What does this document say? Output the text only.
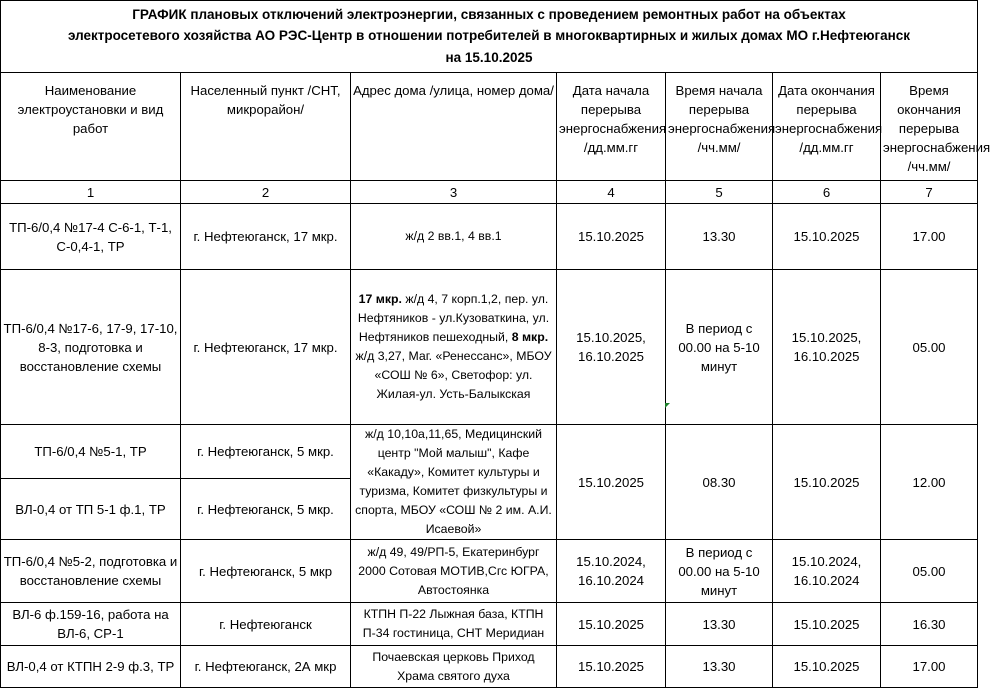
ГРАФИК плановых отключений электроэнергии, связанных с проведением ремонтных работ на объектах
электросетевого хозяйства АО РЭС-Центр в отношении потребителей в многоквартирных и жилых домах МО г.Нефтеюганск
на 15.10.2025
Наименование электроустановки и вид работ	Населенный пункт /СНТ, микрорайон/	Адрес дома /улица, номер дома/	Дата начала перерыва энергоснабжения /дд.мм.гг	Время начала перерыва энергоснабжения /чч.мм/	Дата окончания перерыва энергоснабжения /дд.мм.гг	Время окончания перерыва энергоснабжения /чч.мм/
1	2	3	4	5	6	7
ТП-6/0,4 №17-4 С-6-1, Т-1, С-0,4-1, ТР	г. Нефтеюганск, 17 мкр.	ж/д 2 вв.1, 4 вв.1	15.10.2025	13.30	15.10.2025	17.00
ТП-6/0,4 №17-6, 17-9, 17-10, 8-3, подготовка и восстановление схемы	г. Нефтеюганск, 17 мкр.	17 мкр. ж/д 4, 7 корп.1,2, пер. ул. Нефтяников - ул.Кузоваткина, ул. Нефтяников пешеходный, 8 мкр. ж/д 3,27, Маг. «Ренессанс», МБОУ «СОШ № 6», Светофор: ул. Жилая-ул. Усть-Балыкская	15.10.2025, 16.10.2025	В период с 00.00 на 5-10 минут	15.10.2025, 16.10.2025	05.00
ТП-6/0,4 №5-1, ТР	г. Нефтеюганск, 5 мкр.	ж/д 10,10а,11,65, Медицинский центр "Мой малыш", Кафе «Какаду», Комитет культуры и туризма, Комитет физкультуры и спорта, МБОУ «СОШ № 2 им. А.И. Исаевой»	15.10.2025	08.30	15.10.2025	12.00
ВЛ-0,4 от ТП 5-1 ф.1, ТР	г. Нефтеюганск, 5 мкр.					
ТП-6/0,4 №5-2, подготовка и восстановление схемы	г. Нефтеюганск, 5 мкр	ж/д 49, 49/РП-5, Екатеринбург 2000 Сотовая МОТИВ,Сгс ЮГРА, Автостоянка	15.10.2024, 16.10.2024	В период с 00.00 на 5-10 минут	15.10.2024, 16.10.2024	05.00
ВЛ-6 ф.159-16, работа на ВЛ-6, СР-1	г. Нефтеюганск	КТПН П-22 Лыжная база, КТПН П-34 гостиница, СНТ Меридиан	15.10.2025	13.30	15.10.2025	16.30
ВЛ-0,4 от КТПН 2-9 ф.3, ТР	г. Нефтеюганск, 2А мкр	Почаевская церковь Приход Храма святого духа	15.10.2025	13.30	15.10.2025	17.00
